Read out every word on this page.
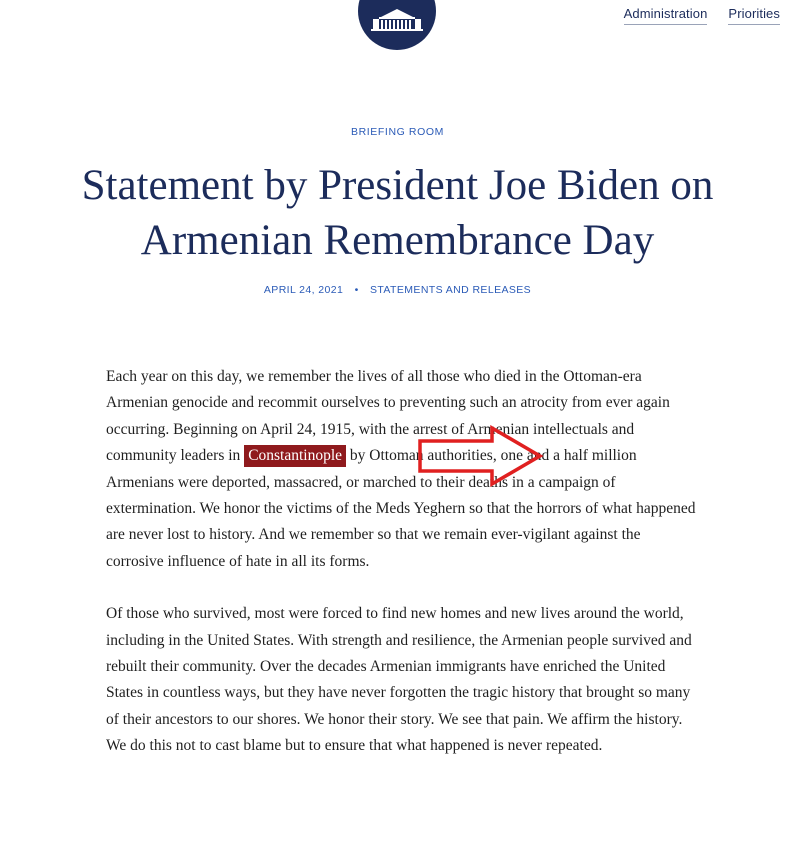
Administration Priorities
BRIEFING ROOM
Statement by President Joe Biden on
Armenian Remembrance Day
APRIL 24, 2021 • STATEMENTS AND RELEASES

Each year on this day, we remember the lives of all those who died in the Ottoman-era Armenian genocide and recommit ourselves to preventing such an atrocity from ever again occurring. Beginning on April 24, 1915, with the arrest of Armenian intellectuals and community leaders in Constantinople by Ottoman authorities, one and a half million Armenians were deported, massacred, or marched to their deaths in a campaign of extermination. We honor the victims of the Meds Yeghern so that the horrors of what happened are never lost to history. And we remember so that we remain ever-vigilant against the corrosive influence of hate in all its forms.

Of those who survived, most were forced to find new homes and new lives around the world, including in the United States. With strength and resilience, the Armenian people survived and rebuilt their community. Over the decades Armenian immigrants have enriched the United States in countless ways, but they have never forgotten the tragic history that brought so many of their ancestors to our shores. We honor their story. We see that pain. We affirm the history. We do this not to cast blame but to ensure that what happened is never repeated.
